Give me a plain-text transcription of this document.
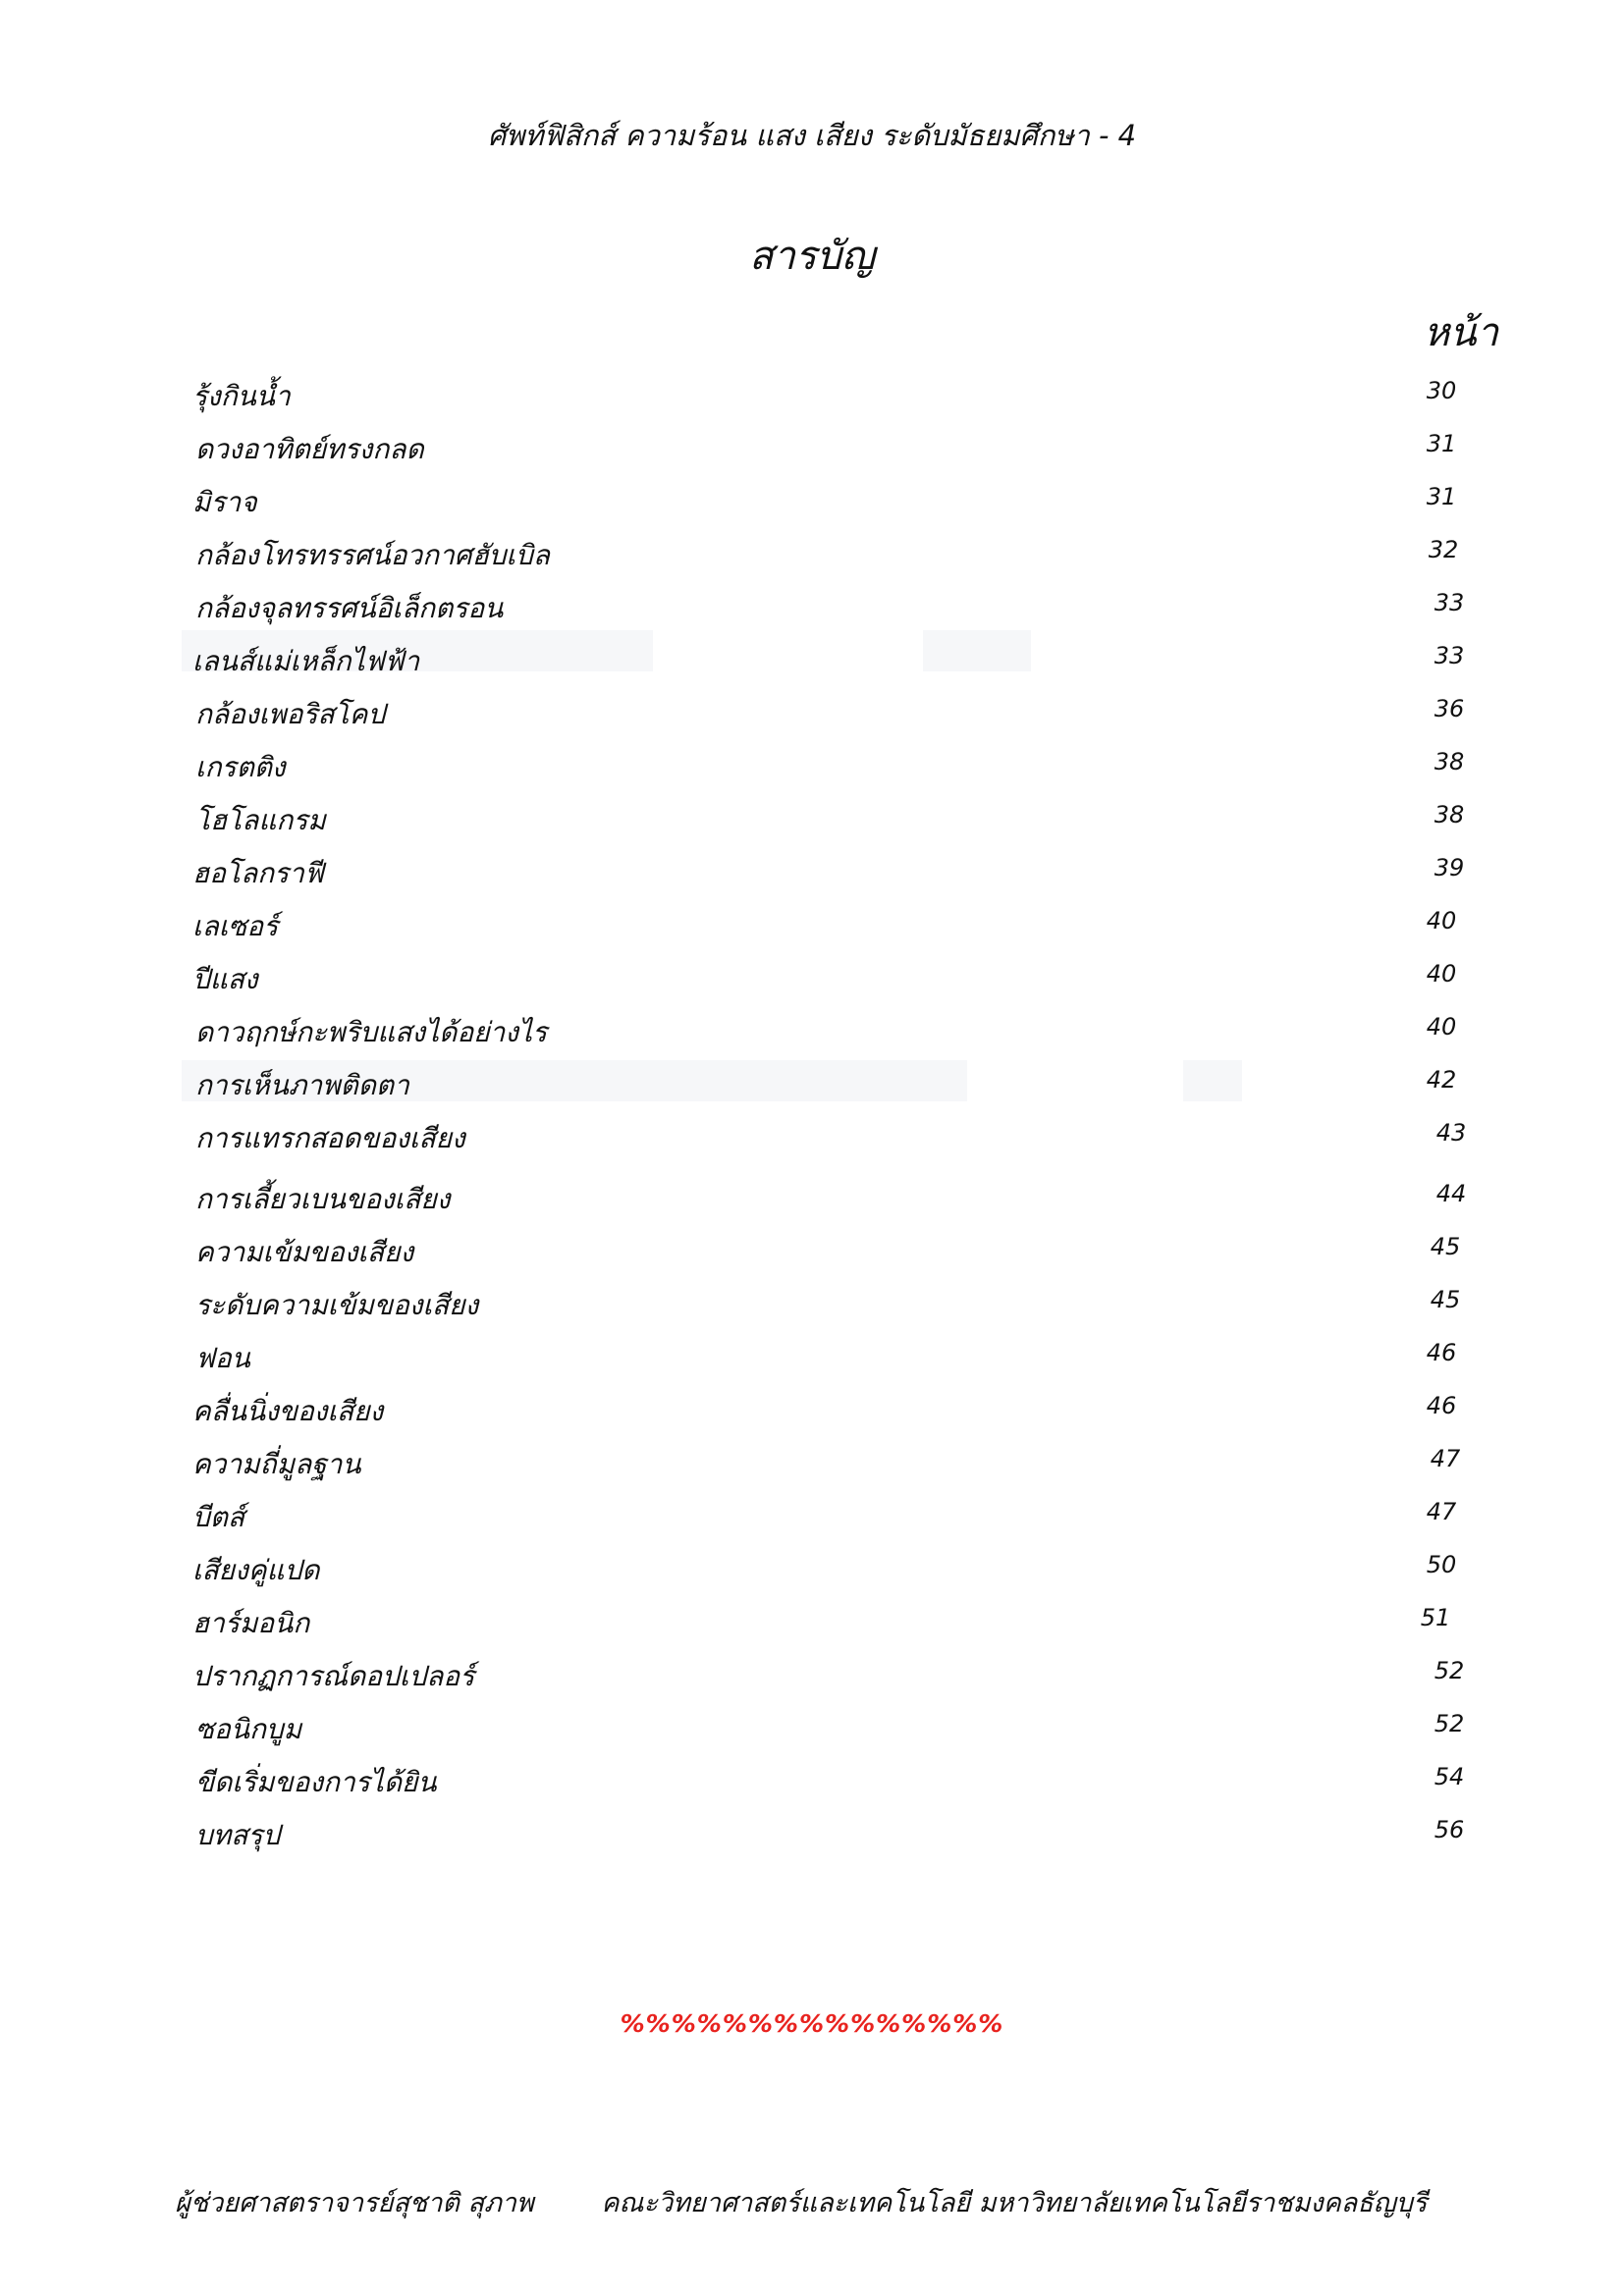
ศัพท์ฟิสิกส์ ความร้อน แสง เสียง ระดับมัธยมศึกษา - 4
สารบัญ
หน้า
รุ้งกินน้ำ	30
ดวงอาทิตย์ทรงกลด	31
มิราจ	31
กล้องโทรทรรศน์อวกาศฮับเบิล	32
กล้องจุลทรรศน์อิเล็กตรอน	33
เลนส์แม่เหล็กไฟฟ้า	33
กล้องเพอริสโคป	36
เกรตติง	38
โฮโลแกรม	38
ฮอโลกราฟี	39
เลเซอร์	40
ปีแสง	40
ดาวฤกษ์กะพริบแสงได้อย่างไร	40
การเห็นภาพติดตา	42
การแทรกสอดของเสียง	43
การเลี้ยวเบนของเสียง	44
ความเข้มของเสียง	45
ระดับความเข้มของเสียง	45
ฟอน	46
คลื่นนิ่งของเสียง	46
ความถี่มูลฐาน	47
บีตส์	47
เสียงคู่แปด	50
ฮาร์มอนิก	51
ปรากฏการณ์ดอปเปลอร์	52
ซอนิกบูม	52
ขีดเริ่มของการได้ยิน	54
บทสรุป	56
%%%%%%%%%%%%%%%
ผู้ช่วยศาสตราจารย์สุชาติ สุภาพ	คณะวิทยาศาสตร์และเทคโนโลยี มหาวิทยาลัยเทคโนโลยีราชมงคลธัญบุรี
